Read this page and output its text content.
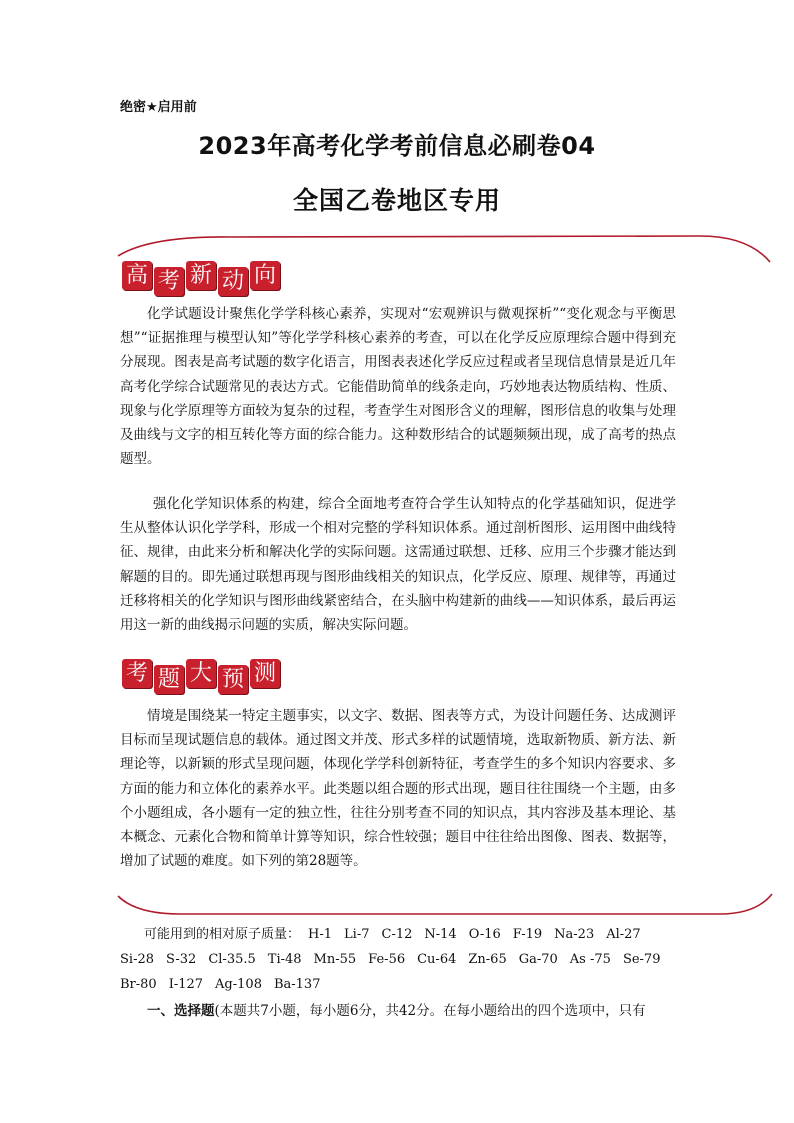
绝密★启用前
2023年高考化学考前信息必刷卷04
全国乙卷地区专用
高 考 新 动 向
化学试题设计聚焦化学学科核心素养，实现对“宏观辨识与微观探析”“变化观念与平衡思想”“证据推理与模型认知”等化学学科核心素养的考查，可以在化学反应原理综合题中得到充分展现。图表是高考试题的数字化语言，用图表表述化学反应过程或者呈现信息情景是近几年高考化学综合试题常见的表达方式。它能借助简单的线条走向，巧妙地表达物质结构、性质、现象与化学原理等方面较为复杂的过程，考查学生对图形含义的理解，图形信息的收集与处理及曲线与文字的相互转化等方面的综合能力。这种数形结合的试题频频出现，成了高考的热点题型。
强化化学知识体系的构建，综合全面地考查符合学生认知特点的化学基础知识，促进学生从整体认识化学学科，形成一个相对完整的学科知识体系。通过剖析图形、运用图中曲线特征、规律，由此来分析和解决化学的实际问题。这需通过联想、迁移、应用三个步骤才能达到解题的目的。即先通过联想再现与图形曲线相关的知识点，化学反应、原理、规律等，再通过迁移将相关的化学知识与图形曲线紧密结合，在头脑中构建新的曲线——知识体系，最后再运用这一新的曲线揭示问题的实质，解决实际问题。
考 题 大 预 测
情境是围绕某一特定主题事实，以文字、数据、图表等方式，为设计问题任务、达成测评目标而呈现试题信息的载体。通过图文并茂、形式多样的试题情境，选取新物质、新方法、新理论等，以新颖的形式呈现问题，体现化学学科创新特征，考查学生的多个知识内容要求、多方面的能力和立体化的素养水平。此类题以组合题的形式出现，题目往往围绕一个主题，由多个小题组成，各小题有一定的独立性，往往分别考查不同的知识点，其内容涉及基本理论、基本概念、元素化合物和简单计算等知识，综合性较强；题目中往往给出图像、图表、数据等，增加了试题的难度。如下列的第28题等。
可能用到的相对原子质量： H-1 Li-7 C-12 N-14 O-16 F-19 Na-23 Al-27
Si-28 S-32 Cl-35.5 Ti-48 Mn-55 Fe-56 Cu-64 Zn-65 Ga-70 As -75 Se-79
Br-80 I-127 Ag-108 Ba-137
一、选择题(本题共7小题，每小题6分，共42分。在每小题给出的四个选项中，只有
